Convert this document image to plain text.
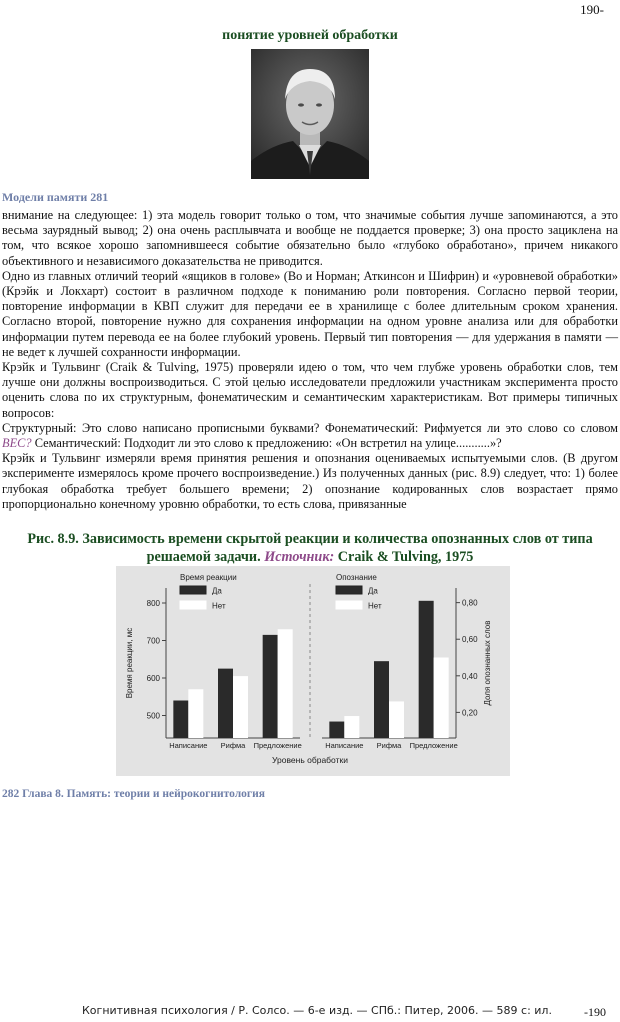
190-
понятие уровней обработки
Модели памяти 281

внимание на следующее: 1) эта модель говорит только о том, что значимые события лучше запоминаются, а это весьма заурядный вывод; 2) она очень расплывчата и вообще не поддается проверке; 3) она просто зациклена на том, что всякое хорошо запомнившееся событие обязательно было «глубоко обработано», причем никакого объективного и независимого доказательства не приводится.

Одно из главных отличий теорий «ящиков в голове» (Во и Норман; Аткинсон и Шифрин) и «уровневой обработки» (Крэйк и Локхарт) состоит в различном подходе к пониманию роли повторения. Согласно первой теории, повторение информации в КВП служит для передачи ее в хранилище с более длительным сроком хранения. Согласно второй, повторение нужно для сохранения информации на одном уровне анализа или для обработки информации путем перевода ее на более глубокий уровень. Первый тип повторения — для удержания в памяти — не ведет к лучшей сохранности информации.

Крэйк и Тульвинг (Craik & Tulving, 1975) проверяли идею о том, что чем глубже уровень обработки слов, тем лучше они должны воспроизводиться. С этой целью исследователи предложили участникам эксперимента просто оценить слова по их структурным, фонематическим и семантическим характеристикам. Вот примеры типичных вопросов:

Структурный: Это слово написано прописными буквами? Фонематический: Рифмуется ли это слово со словом ВЕС? Семантический: Подходит ли это слово к предложению: «Он встретил на улице...........»?

Крэйк и Тульвинг измеряли время принятия решения и опознания оцениваемых испытуемыми слов. (В другом эксперименте измерялось кроме прочего воспроизведение.) Из полученных данных (рис. 8.9) следует, что: 1) более глубокая обработка требует большего времени; 2) опознание кодированных слов возрастает прямо пропорционально конечному уровню обработки, то есть слова, привязанные

Рис. 8.9. Зависимость времени скрытой реакции и количества опознанных слов от типа решаемой задачи. Источник: Craik & Tulving, 1975
Уровень обработки
500
600
700
800
Время реакции, мс
Время реакции
Да
Нет
Написание Рифма Предложение
0,20
0,40
0,60
0,80
Доля опознанных слов
Опознание
Да
Нет
Написание Рифма Предложение
282 Глава 8. Память: теории и нейрокогнитология
Когнитивная психология / Р. Солсо. — 6-е изд. — СПб.: Питер, 2006. — 589 с: ил.	-190
